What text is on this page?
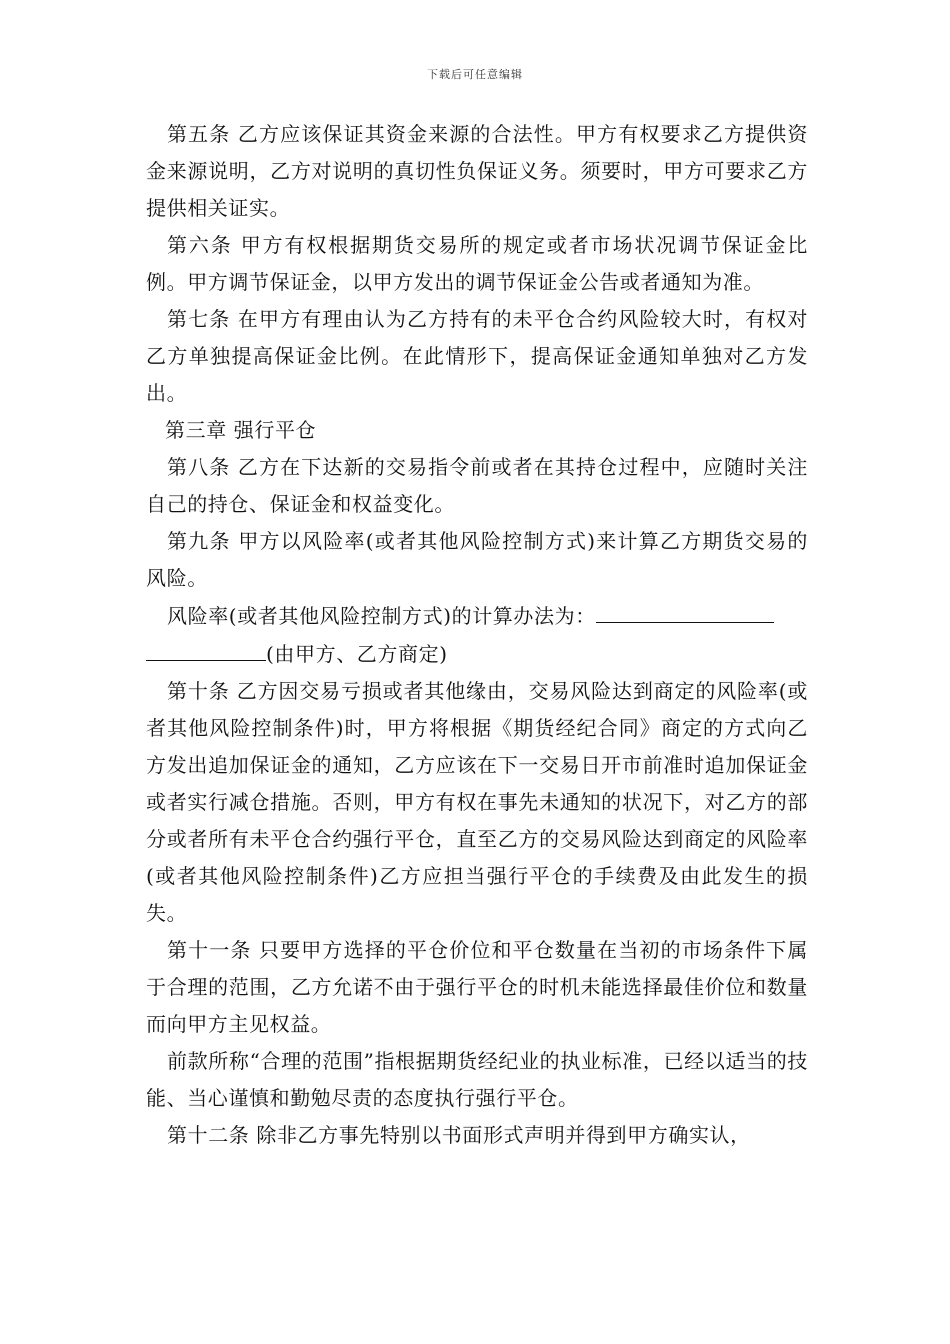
下载后可任意编辑

第五条 乙方应该保证其资金来源的合法性。甲方有权要求乙方提供资金来源说明，乙方对说明的真切性负保证义务。须要时，甲方可要求乙方提供相关证实。

第六条 甲方有权根据期货交易所的规定或者市场状况调节保证金比例。甲方调节保证金，以甲方发出的调节保证金公告或者通知为准。

第七条 在甲方有理由认为乙方持有的未平仓合约风险较大时，有权对乙方单独提高保证金比例。在此情形下，提高保证金通知单独对乙方发出。

第三章 强行平仓

第八条 乙方在下达新的交易指令前或者在其持仓过程中，应随时关注自己的持仓、保证金和权益变化。

第九条 甲方以风险率(或者其他风险控制方式)来计算乙方期货交易的风险。

风险率(或者其他风险控制方式)的计算办法为：
(由甲方、乙方商定)

第十条 乙方因交易亏损或者其他缘由，交易风险达到商定的风险率(或者其他风险控制条件)时，甲方将根据《期货经纪合同》商定的方式向乙方发出追加保证金的通知，乙方应该在下一交易日开市前准时追加保证金或者实行减仓措施。否则，甲方有权在事先未通知的状况下，对乙方的部分或者所有未平仓合约强行平仓，直至乙方的交易风险达到商定的风险率(或者其他风险控制条件)乙方应担当强行平仓的手续费及由此发生的损失。

第十一条 只要甲方选择的平仓价位和平仓数量在当初的市场条件下属于合理的范围，乙方允诺不由于强行平仓的时机未能选择最佳价位和数量而向甲方主见权益。

前款所称“合理的范围”指根据期货经纪业的执业标准，已经以适当的技能、当心谨慎和勤勉尽责的态度执行强行平仓。

第十二条 除非乙方事先特别以书面形式声明并得到甲方确实认，
